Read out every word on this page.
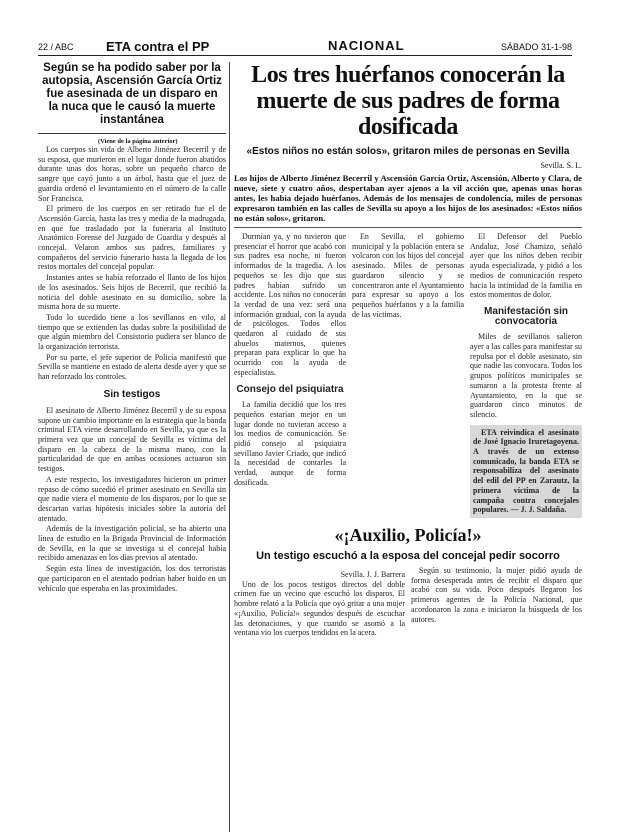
22 / ABC ETA contra el PP	NACIONAL	SÁBADO 31-1-98
Según se ha podido saber por la autopsia, Ascensión García Ortiz fue asesinada de un disparo en la nuca que le causó la muerte instantánea
(Viene de la página anterior)

Los cuerpos sin vida de Alberto Jiménez Becerril y de su esposa, que murieron en el lugar donde fueron abatidos durante unas dos horas, sobre un pequeño charco de sangre que cayó junto a un árbol, hasta que el juez de guardia ordenó el levantamiento en el número de la calle Sor Francisca.

El primero de los cuerpos en ser retirado fue el de Ascensión García, hasta las tres y media de la madrugada, en que fue trasladado por la funeraria al Instituto Anatómico Forense del Juzgado de Guardia y después al concejal. Velaron ambos sus padres, familiares y compañeros del servicio funerario hasta la llegada de los restos mortales del concejal popular.

Instantes antes se había reforzado el llanto de los hijos de los asesinados. Seis hijos de Becerril, que recibió la noticia del doble asesinato en su domicilio, sobre la misma hora de su muerte.

Todo lo sucedido tiene a los sevillanos en vilo, al tiempo que se extienden las dudas sobre la posibilidad de que algún miembro del Consistorio pudiera ser blanco de la organización terrorista.

Por su parte, el jefe superior de Policía manifestó que Sevilla se mantiene en estado de alerta desde ayer y que se han reforzado los controles.

Sin testigos

El asesinato de Alberto Jiménez Becerril y de su esposa supone un cambio importante en la estrategia que la banda criminal ETA viene desarrollando en Sevilla, ya que es la primera vez que un concejal de Sevilla es víctima del disparo en la cabeza de la misma mano, con la particularidad de que en ambas ocasiones actuaron sin testigos.

A este respecto, los investigadores hicieron un primer repaso de cómo sucedió el primer asesinato en Sevilla sin que nadie viera el momento de los disparos, por lo que se descartan varias hipótesis iniciales sobre la autoría del atentado.

Además de la investigación policial, se ha abierto una línea de estudio en la Brigada Provincial de Información de Sevilla, en la que se investiga si el concejal había recibido amenazas en los días previos al atentado.

Según esta línea de investigación, los dos terroristas que participaron en el atentado podrían haber huido en un vehículo que esperaba en las proximidades.

Los tres huérfanos conocerán la muerte de sus padres de forma dosificada
«Estos niños no están solos», gritaron miles de personas en Sevilla
Sevilla. S. L.
Los hijos de Alberto Jiménez Becerril y Ascensión García Ortiz, Ascensión, Alberto y Clara, de nueve, siete y cuatro años, despertaban ayer ajenos a la vil acción que, apenas unas horas antes, les había dejado huérfanos. Además de los mensajes de condolencia, miles de personas expresaron también en las calles de Sevilla su apoyo a los hijos de los asesinados: «Estos niños no están solos», gritaron.

Durmían ya, y no tuvieron que presenciar el horror que acabó con sus padres esa noche, ni fueron informados de la tragedia. A los pequeños se les dijo que sus padres habían sufrido un accidente. Los niños no conocerán la verdad de una vez: será una información gradual, con la ayuda de psicólogos. Todos ellos quedaron al cuidado de sus abuelos maternos, quienes preparan para explicar lo que ha ocurrido con la ayuda de especialistas.

Consejo del psiquiatra

La familia decidió que los tres pequeños estarían mejor en un lugar donde no tuvieran acceso a los medios de comunicación. Se pidió consejo al psiquiatra sevillano Javier Criado, que indicó la necesidad de contarles la verdad, aunque de forma dosificada.

En Sevilla, el gobierno municipal y la población entera se volcaron con los hijos del concejal asesinado. Miles de personas guardaron silencio y se concentraron ante el Ayuntamiento para expresar su apoyo a los pequeños huérfanos y a la familia de las víctimas.

El Defensor del Pueblo Andaluz, José Chamizo, señaló ayer que los niños deben recibir ayuda especializada, y pidió a los medios de comunicación respeto hacia la intimidad de la familia en estos momentos de dolor.

Manifestación sin convocatoria

Miles de sevillanos salieron ayer a las calles para manifestar su repulsa por el doble asesinato, sin que nadie las convocara. Todos los grupos políticos municipales se sumaron a la protesta frente al Ayuntamiento, en la que se guardaron cinco minutos de silencio.

ETA reivindica el asesinato de José Ignacio Iruretagoyena. A través de un extenso comunicado, la banda ETA se responsabiliza del asesinato del edil del PP en Zarautz, la primera víctima de la campaña contra concejales populares. — J. J. Saldaña.

«¡Auxilio, Policía!»
Un testigo escuchó a la esposa del concejal pedir socorro
Sevilla. J. J. Barrera

Uno de los pocos testigos directos del doble crimen fue un vecino que escuchó los disparos. El hombre relató a la Policía que oyó gritar a una mujer «¡Auxilio, Policía!» segundos después de escuchar las detonaciones, y que cuando se asomó a la ventana vio los cuerpos tendidos en la acera.

Según su testimonio, la mujer pidió ayuda de forma desesperada antes de recibir el disparo que acabó con su vida. Poco después llegaron los primeros agentes de la Policía Nacional, que acordonaron la zona e iniciaron la búsqueda de los autores.
